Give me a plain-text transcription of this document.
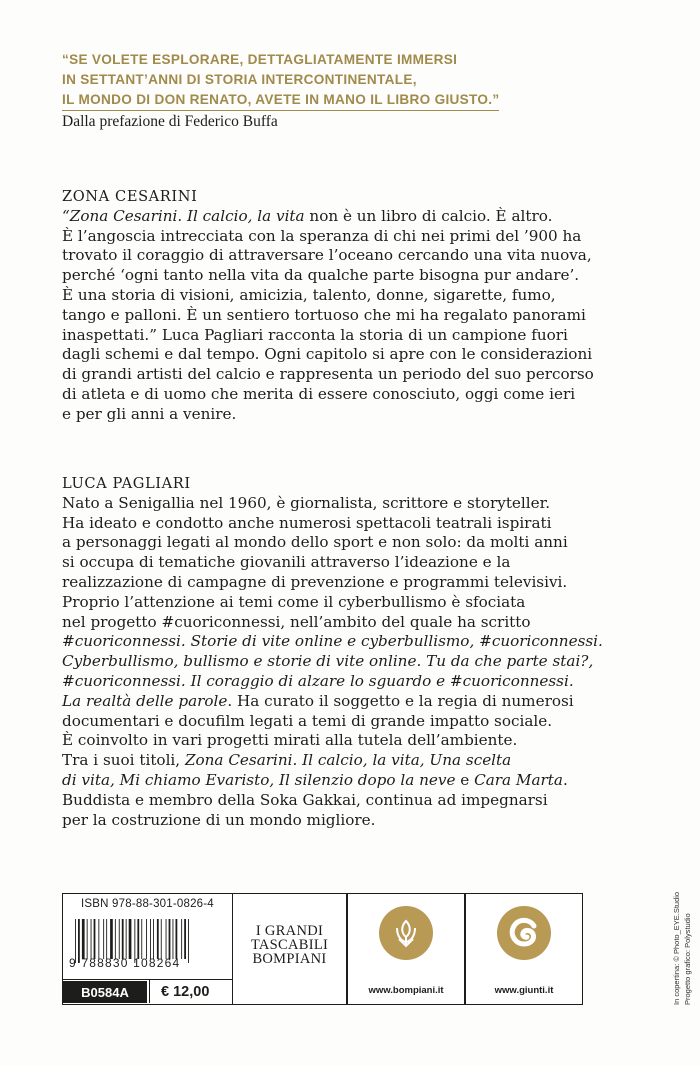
“SE VOLETE ESPLORARE, DETTAGLIATAMENTE IMMERSI
IN SETTANT’ANNI DI STORIA INTERCONTINENTALE,
IL MONDO DI DON RENATO, AVETE IN MANO IL LIBRO GIUSTO.”
Dalla prefazione di Federico Buffa
ZONA CESARINI
“Zona Cesarini. Il calcio, la vita non è un libro di calcio. È altro.
È l’angoscia intrecciata con la speranza di chi nei primi del ’900 ha
trovato il coraggio di attraversare l’oceano cercando una vita nuova,
perché ‘ogni tanto nella vita da qualche parte bisogna pur andare’.
È una storia di visioni, amicizia, talento, donne, sigarette, fumo,
tango e palloni. È un sentiero tortuoso che mi ha regalato panorami
inaspettati.” Luca Pagliari racconta la storia di un campione fuori
dagli schemi e dal tempo. Ogni capitolo si apre con le considerazioni
di grandi artisti del calcio e rappresenta un periodo del suo percorso
di atleta e di uomo che merita di essere conosciuto, oggi come ieri
e per gli anni a venire.
LUCA PAGLIARI
Nato a Senigallia nel 1960, è giornalista, scrittore e storyteller.
Ha ideato e condotto anche numerosi spettacoli teatrali ispirati
a personaggi legati al mondo dello sport e non solo: da molti anni
si occupa di tematiche giovanili attraverso l’ideazione e la
realizzazione di campagne di prevenzione e programmi televisivi.
Proprio l’attenzione ai temi come il cyberbullismo è sfociata
nel progetto #cuoriconnessi, nell’ambito del quale ha scritto
#cuoriconnessi. Storie di vite online e cyberbullismo, #cuoriconnessi.
Cyberbullismo, bullismo e storie di vite online. Tu da che parte stai?,
#cuoriconnessi. Il coraggio di alzare lo sguardo e #cuoriconnessi.
La realtà delle parole. Ha curato il soggetto e la regia di numerosi
documentari e docufilm legati a temi di grande impatto sociale.
È coinvolto in vari progetti mirati alla tutela dell’ambiente.
Tra i suoi titoli, Zona Cesarini. Il calcio, la vita, Una scelta
di vita, Mi chiamo Evaristo, Il silenzio dopo la neve e Cara Marta.
Buddista e membro della Soka Gakkai, continua ad impegnarsi
per la costruzione di un mondo migliore.
ISBN 978-88-301-0826-4
9 788830 108264
B0584A	€ 12,00
I GRANDI
TASCABILI
BOMPIANI
www.bompiani.it	www.giunti.it	In copertina: © Photo_EYE.Studio Progetto grafico: Polystudio
